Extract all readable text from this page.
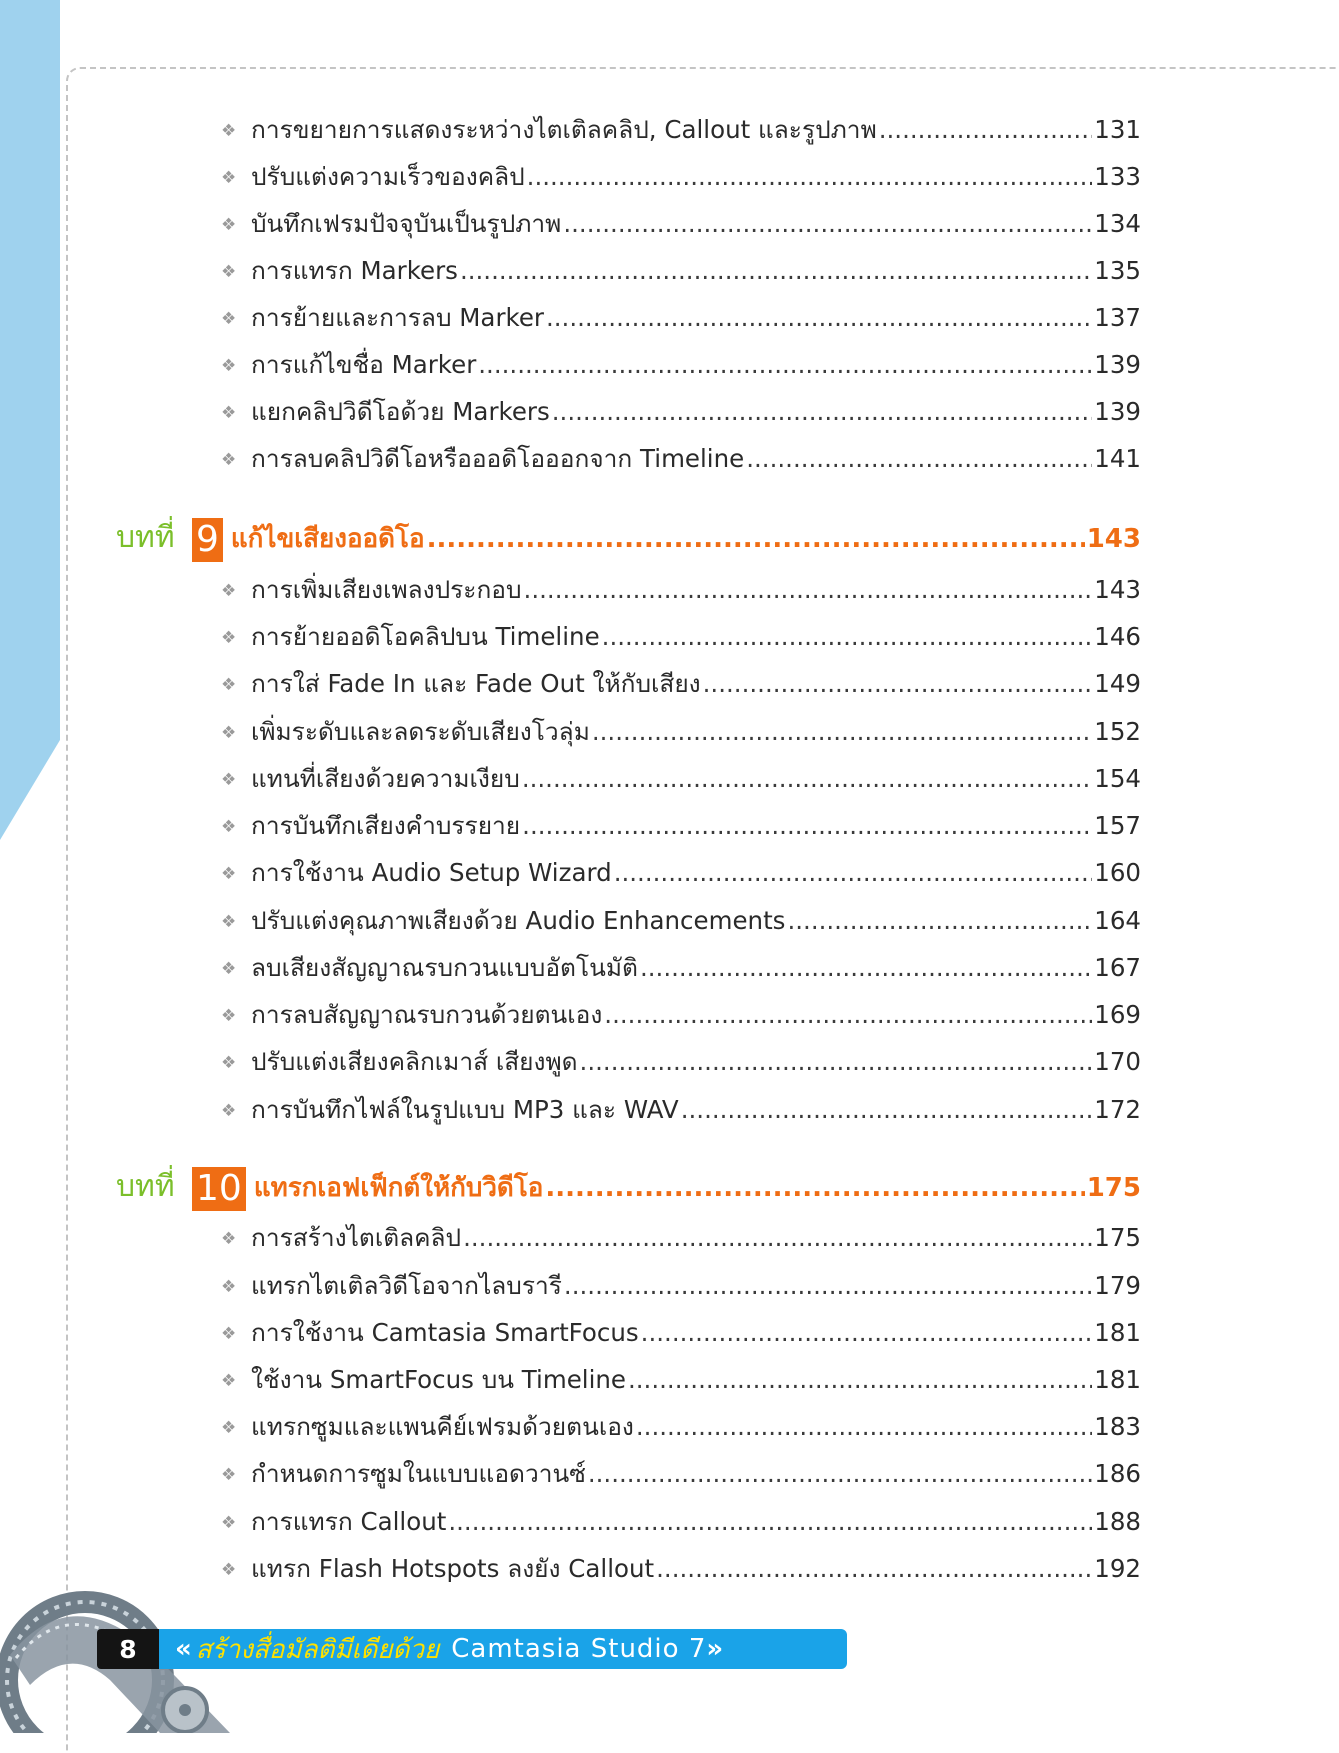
❖ การขยายการแสดงระหว่างไตเติลคลิป, Callout และรูปภาพ .....	131
❖ ปรับแต่งความเร็วของคลิป .....	133
❖ บันทึกเฟรมปัจจุบันเป็นรูปภาพ .....	134
❖ การแทรก Markers .....	135
❖ การย้ายและการลบ Marker .....	137
❖ การแก้ไขชื่อ Marker .....	139
❖ แยกคลิปวิดีโอด้วย Markers .....	139
❖ การลบคลิปวิดีโอหรือออดิโอออกจาก Timeline .....	141
บทที่ 9 แก้ไขเสียงออดิโอ .....	143
❖ การเพิ่มเสียงเพลงประกอบ .....	143
❖ การย้ายออดิโอคลิปบน Timeline .....	146
❖ การใส่ Fade In และ Fade Out ให้กับเสียง .....	149
❖ เพิ่มระดับและลดระดับเสียงโวลุ่ม .....	152
❖ แทนที่เสียงด้วยความเงียบ .....	154
❖ การบันทึกเสียงคำบรรยาย .....	157
❖ การใช้งาน Audio Setup Wizard .....	160
❖ ปรับแต่งคุณภาพเสียงด้วย Audio Enhancements .....	164
❖ ลบเสียงสัญญาณรบกวนแบบอัตโนมัติ .....	167
❖ การลบสัญญาณรบกวนด้วยตนเอง .....	169
❖ ปรับแต่งเสียงคลิกเมาส์ เสียงพูด .....	170
❖ การบันทึกไฟล์ในรูปแบบ MP3 และ WAV .....	172
บทที่ 10 แทรกเอฟเฟ็กต์ให้กับวิดีโอ .....	175
❖ การสร้างไตเติลคลิป .....	175
❖ แทรกไตเติลวิดีโอจากไลบรารี .....	179
❖ การใช้งาน Camtasia SmartFocus .....	181
❖ ใช้งาน SmartFocus บน Timeline .....	181
❖ แทรกซูมและแพนคีย์เฟรมด้วยตนเอง .....	183
❖ กำหนดการซูมในแบบแอดวานซ์ .....	186
❖ การแทรก Callout .....	188
❖ แทรก Flash Hotspots ลงยัง Callout .....	192
8	« สร้างสื่อมัลติมีเดียด้วย Camtasia Studio 7 »
